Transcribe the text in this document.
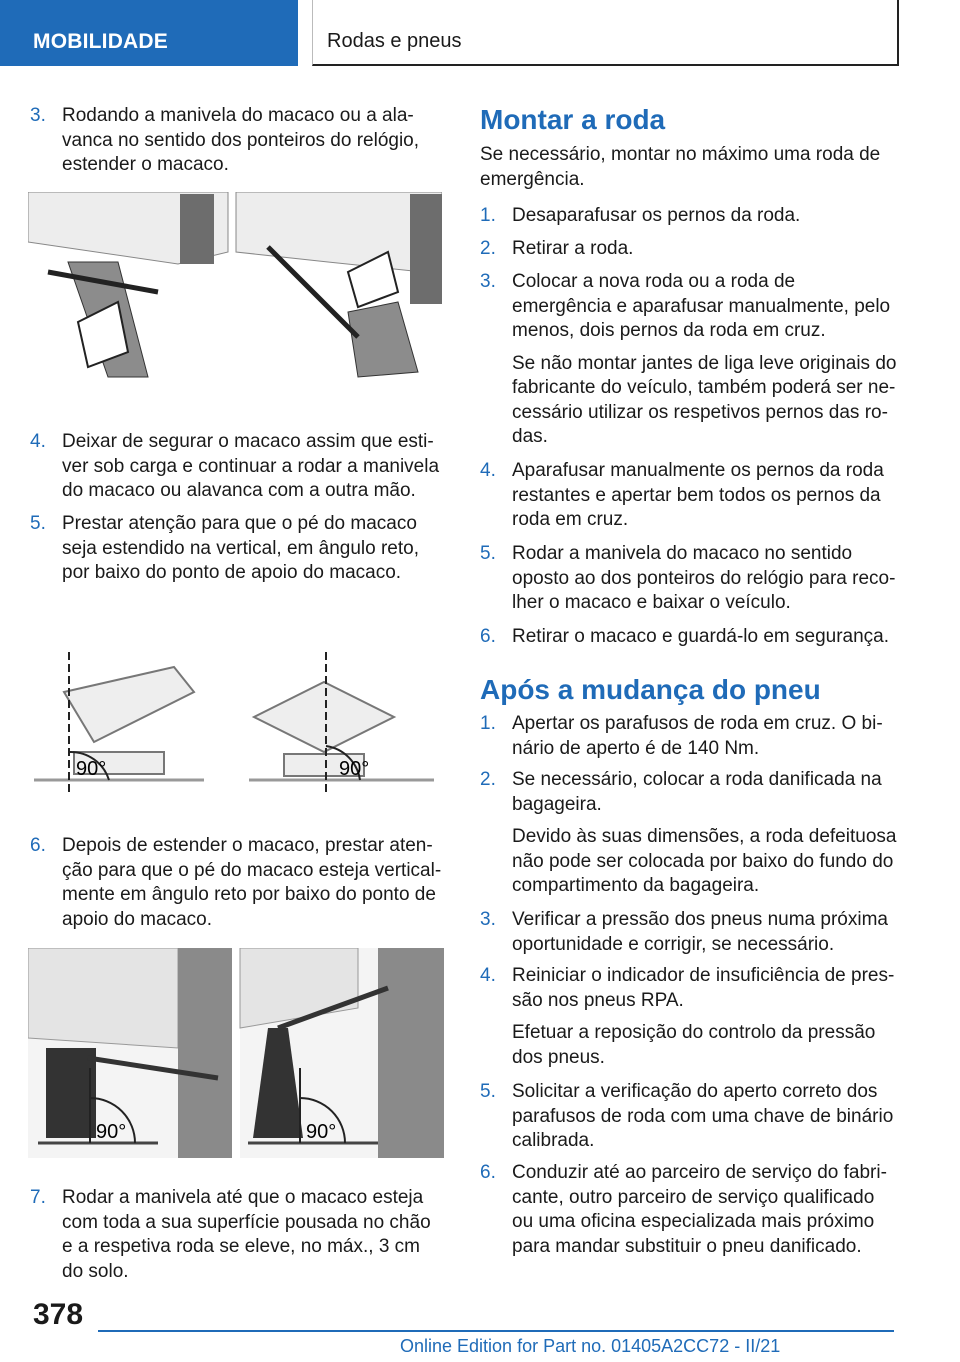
MOBILIDADE	Rodas e pneus
3. Rodando a manivela do macaco ou a ala-vanca no sentido dos ponteiros do relógio, estender o macaco.
4. Deixar de segurar o macaco assim que esti-ver sob carga e continuar a rodar a manivela do macaco ou alavanca com a outra mão.
5. Prestar atenção para que o pé do macaco seja estendido na vertical, em ângulo reto, por baixo do ponto de apoio do macaco.
90°	90°
6. Depois de estender o macaco, prestar aten-ção para que o pé do macaco esteja vertical-mente em ângulo reto por baixo do ponto de apoio do macaco.
90°	90°
7. Rodar a manivela até que o macaco esteja com toda a sua superfície pousada no chão e a respetiva roda se eleve, no máx., 3 cm do solo.
Montar a roda
Se necessário, montar no máximo uma roda de emergência.
1. Desaparafusar os pernos da roda.
2. Retirar a roda.
3. Colocar a nova roda ou a roda de emergência e aparafusar manualmente, pelo menos, dois pernos da roda em cruz.
Se não montar jantes de liga leve originais do fabricante do veículo, também poderá ser ne-cessário utilizar os respetivos pernos das ro-das.
4. Aparafusar manualmente os pernos da roda restantes e apertar bem todos os pernos da roda em cruz.
5. Rodar a manivela do macaco no sentido oposto ao dos ponteiros do relógio para reco-lher o macaco e baixar o veículo.
6. Retirar o macaco e guardá-lo em segurança.
Após a mudança do pneu
1. Apertar os parafusos de roda em cruz. O bi-nário de aperto é de 140 Nm.
2. Se necessário, colocar a roda danificada na bagageira.
Devido às suas dimensões, a roda defeituosa não pode ser colocada por baixo do fundo do compartimento da bagageira.
3. Verificar a pressão dos pneus numa próxima oportunidade e corrigir, se necessário.
4. Reiniciar o indicador de insuficiência de pres-são nos pneus RPA.
Efetuar a reposição do controlo da pressão dos pneus.
5. Solicitar a verificação do aperto correto dos parafusos de roda com uma chave de binário calibrada.
6. Conduzir até ao parceiro de serviço do fabri-cante, outro parceiro de serviço qualificado ou uma oficina especializada mais próximo para mandar substituir o pneu danificado.
378
Online Edition for Part no. 01405A2CC72 - II/21
